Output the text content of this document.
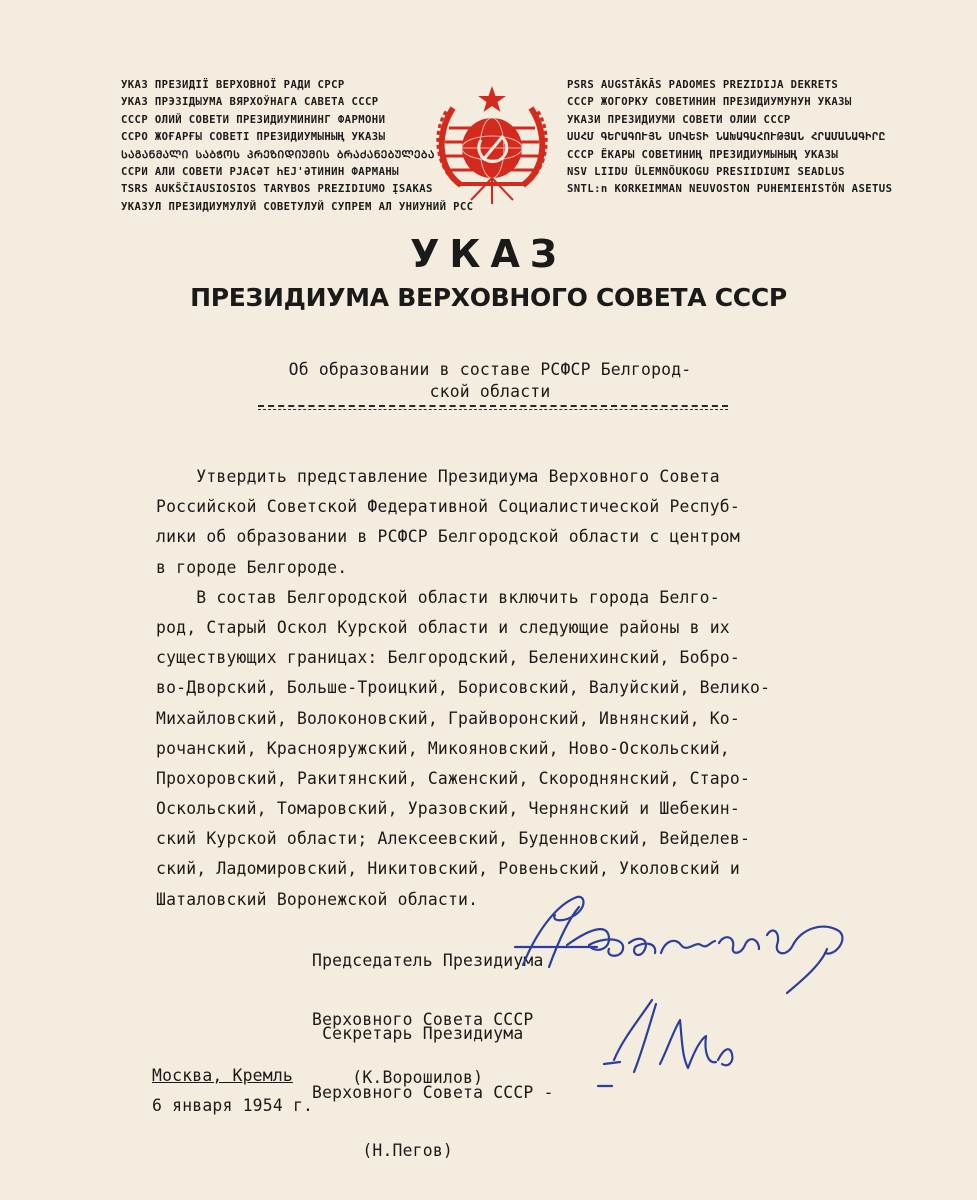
УКАЗ ПРЕЗИДІЇ ВЕРХОВНОЇ РАДИ СРСР
УКАЗ ПРЭЗІДЫУМА ВЯРХОЎНАГА САВЕТА СССР
СССР ОЛИЙ СОВЕТИ ПРЕЗИДИУМИНИНГ ФАРМОНИ
ССРО ЖОҒАРҒЫ СОВЕТІ ПРЕЗИДИУМЫНЫҢ УКАЗЫ
ᲡᲐᲒᲐᲜᲛᲐᲚᲘ ᲡᲐᲑᲭᲝᲡ ᲞᲠᲔᲖᲘᲓᲘᲣᲛᲘᲡ ᲑᲠᲐᲫᲐᲜᲔᲑᲣᲚᲔᲑᲐ
ССРИ АЛИ СОВЕТИ РЈАСӘТ ҺЕЈ'ӘТИНИН ФАРМАНЫ
TSRS AUKŠČIAUSIOSIOS TARYBOS PREZIDIUMO ĮSAKAS
УКАЗУЛ ПРЕЗИДИУМУЛУЙ СОВЕТУЛУЙ СУПРЕМ АЛ УНИУНИЙ РСС
PSRS AUGSTĀKĀS PADOMES PREZIDIJA DEKRETS
СССР ЖОГОРКУ СОВЕТИНИН ПРЕЗИДИУМУНУН УКАЗЫ
УКАЗИ ПРЕЗИДИУМИ СОВЕТИ ОЛИИ СССР
ՍՍՀՄ ԳԵՐԱԳՈՒՅՆ ՍՈՎԵՏԻ ՆԱԽԱԳԱՀՈՒԹՅԱՆ ՀՐԱՄԱՆԱԳԻՐԸ
СССР ЁКАРЫ СОВЕТИНИҢ ПРЕЗИДИУМЫНЫҢ УКАЗЫ
NSV LIIDU ÜLEMNÕUKOGU PRESIIDIUMI SEADLUS
SNTL:n KORKEIMMAN NEUVOSTON PUHEMIEHISTÖN ASETUS
УКАЗ
ПРЕЗИДИУМА ВЕРХОВНОГО СОВЕТА СССР
Об образовании в составе РСФСР Белгород-
ской области
Утвердить представление Президиума Верховного Совета
Российской Советской Федеративной Социалистической Респуб-
лики об образовании в РСФСР Белгородской области с центром
в городе Белгороде.
В состав Белгородской области включить города Белго-
род, Старый Оскол Курской области и следующие районы в их
существующих границах: Белгородский, Беленихинский, Бобро-
во-Дворский, Больше-Троицкий, Борисовский, Валуйский, Велико-
Михайловский, Волоконовский, Грайворонский, Ивнянский, Ко-
рочанский, Краснояружский, Микояновский, Ново-Оскольский,
Прохоровский, Ракитянский, Саженский, Скороднянский, Старо-
Оскольский, Томаровский, Уразовский, Чернянский и Шебекин-
ский Курской области; Алексеевский, Буденновский, Вейделев-
ский, Ладомировский, Никитовский, Ровеньский, Уколовский и
Шаталовский Воронежской области.

Председатель Президиума

Верховного Совета СССР

(К.Ворошилов)

Секретарь Президиума

Верховного Совета СССР -

(Н.Пегов)

Москва, Кремль
6 января 1954 г.
